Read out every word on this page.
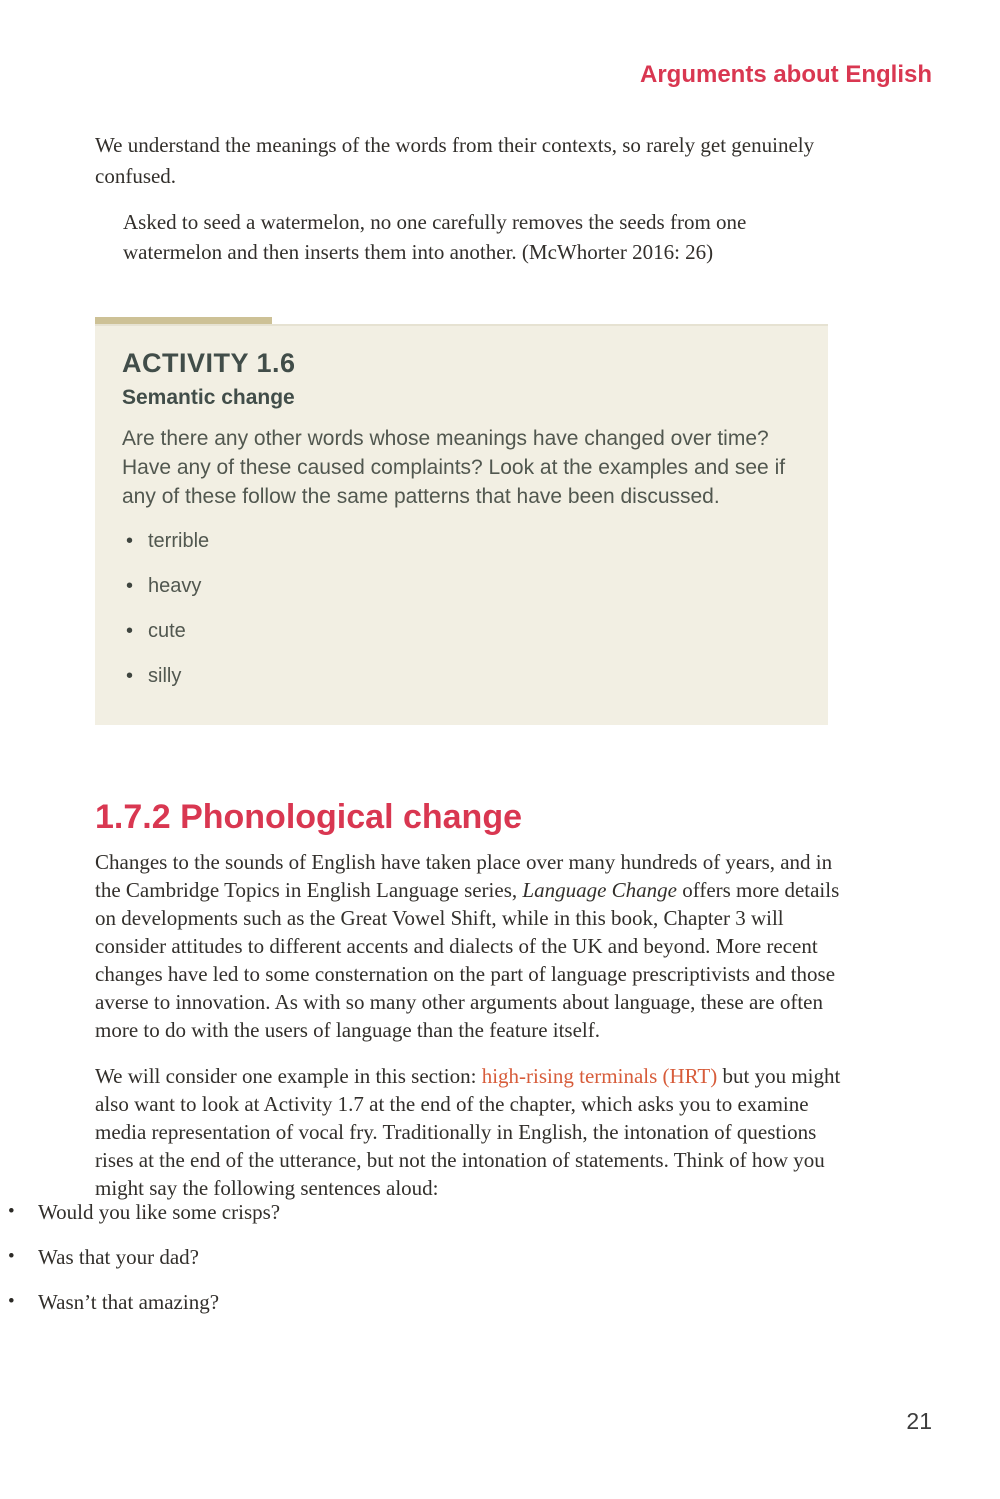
Arguments about English

We understand the meanings of the words from their contexts, so rarely get genuinely confused.

Asked to seed a watermelon, no one carefully removes the seeds from one watermelon and then inserts them into another. (McWhorter 2016: 26)
ACTIVITY 1.6
Semantic change

Are there any other words whose meanings have changed over time? Have any of these caused complaints? Look at the examples and see if any of these follow the same patterns that have been discussed.

• terrible
• heavy
• cute
• silly
1.7.2 Phonological change

Changes to the sounds of English have taken place over many hundreds of years, and in the Cambridge Topics in English Language series, Language Change offers more details on developments such as the Great Vowel Shift, while in this book, Chapter 3 will consider attitudes to different accents and dialects of the UK and beyond. More recent changes have led to some consternation on the part of language prescriptivists and those averse to innovation. As with so many other arguments about language, these are often more to do with the users of language than the feature itself.

We will consider one example in this section: high-rising terminals (HRT) but you might also want to look at Activity 1.7 at the end of the chapter, which asks you to examine media representation of vocal fry. Traditionally in English, the intonation of questions rises at the end of the utterance, but not the intonation of statements. Think of how you might say the following sentences aloud:

• Would you like some crisps?
• Was that your dad?
• Wasn’t that amazing?
21
